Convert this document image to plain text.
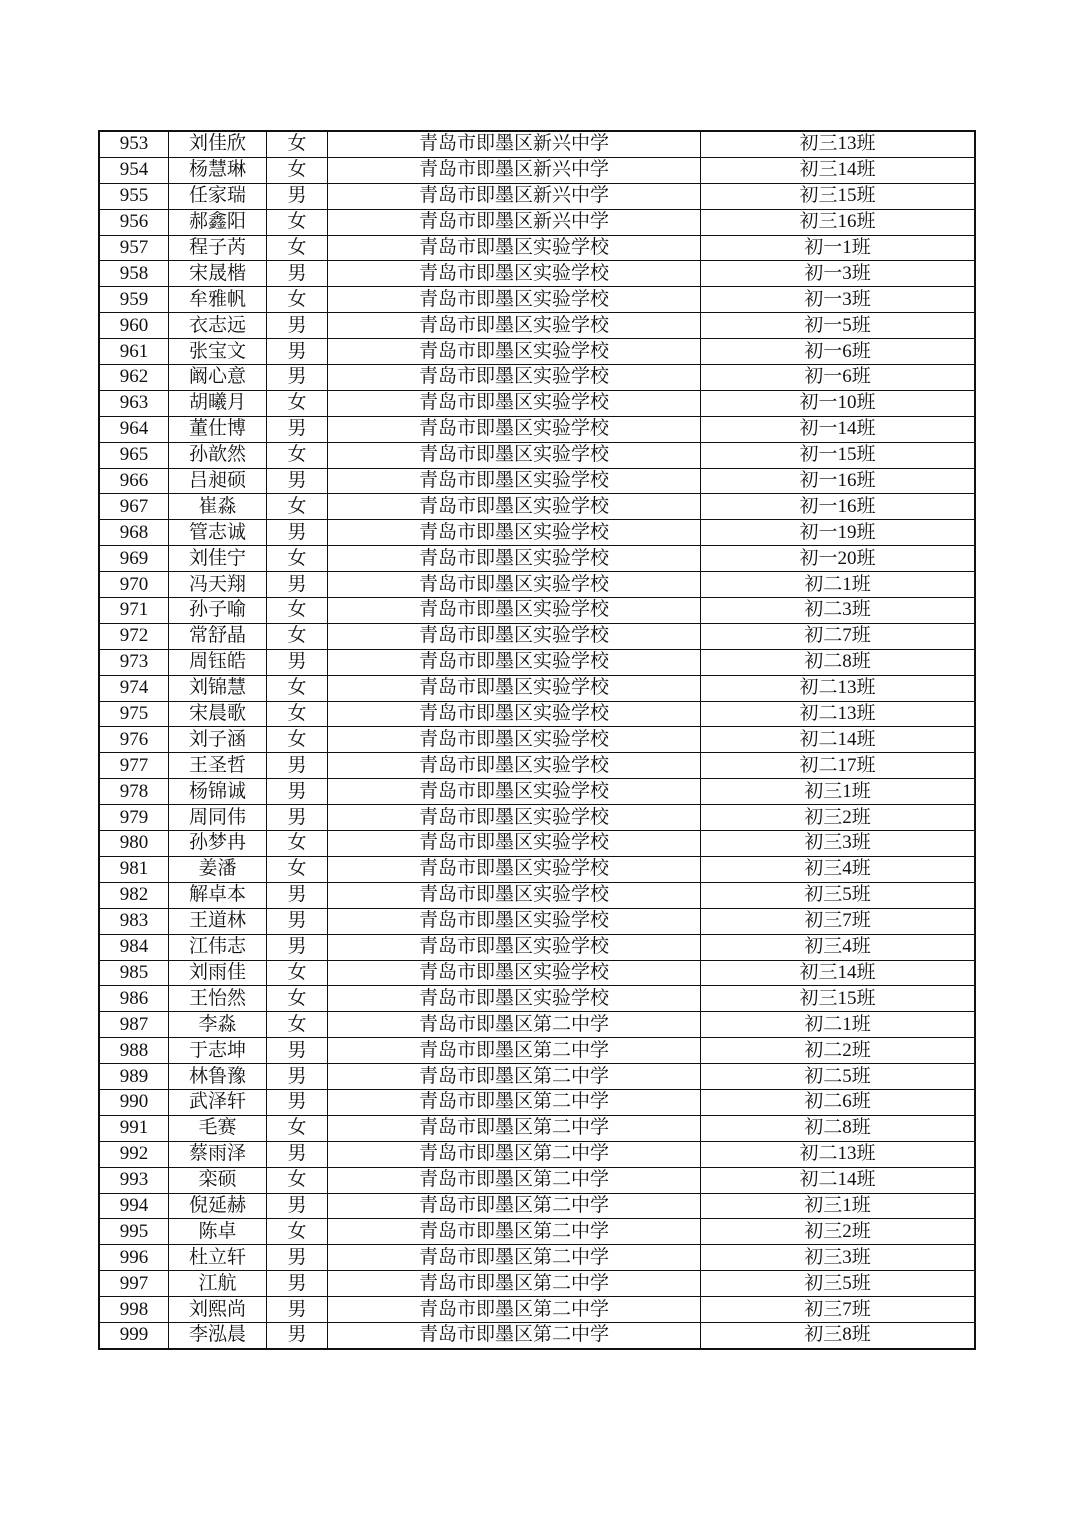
953	刘佳欣	女	青岛市即墨区新兴中学	初三13班
954	杨慧琳	女	青岛市即墨区新兴中学	初三14班
955	任家瑞	男	青岛市即墨区新兴中学	初三15班
956	郝鑫阳	女	青岛市即墨区新兴中学	初三16班
957	程子芮	女	青岛市即墨区实验学校	初一1班
958	宋晟楷	男	青岛市即墨区实验学校	初一3班
959	牟雅帆	女	青岛市即墨区实验学校	初一3班
960	衣志远	男	青岛市即墨区实验学校	初一5班
961	张宝文	男	青岛市即墨区实验学校	初一6班
962	阚心意	男	青岛市即墨区实验学校	初一6班
963	胡曦月	女	青岛市即墨区实验学校	初一10班
964	董仕博	男	青岛市即墨区实验学校	初一14班
965	孙歆然	女	青岛市即墨区实验学校	初一15班
966	吕昶硕	男	青岛市即墨区实验学校	初一16班
967	崔淼	女	青岛市即墨区实验学校	初一16班
968	管志诚	男	青岛市即墨区实验学校	初一19班
969	刘佳宁	女	青岛市即墨区实验学校	初一20班
970	冯天翔	男	青岛市即墨区实验学校	初二1班
971	孙子喻	女	青岛市即墨区实验学校	初二3班
972	常舒晶	女	青岛市即墨区实验学校	初二7班
973	周钰皓	男	青岛市即墨区实验学校	初二8班
974	刘锦慧	女	青岛市即墨区实验学校	初二13班
975	宋晨歌	女	青岛市即墨区实验学校	初二13班
976	刘子涵	女	青岛市即墨区实验学校	初二14班
977	王圣哲	男	青岛市即墨区实验学校	初二17班
978	杨锦诚	男	青岛市即墨区实验学校	初三1班
979	周同伟	男	青岛市即墨区实验学校	初三2班
980	孙梦冉	女	青岛市即墨区实验学校	初三3班
981	姜潘	女	青岛市即墨区实验学校	初三4班
982	解卓本	男	青岛市即墨区实验学校	初三5班
983	王道林	男	青岛市即墨区实验学校	初三7班
984	江伟志	男	青岛市即墨区实验学校	初三4班
985	刘雨佳	女	青岛市即墨区实验学校	初三14班
986	王怡然	女	青岛市即墨区实验学校	初三15班
987	李淼	女	青岛市即墨区第二中学	初二1班
988	于志坤	男	青岛市即墨区第二中学	初二2班
989	林鲁豫	男	青岛市即墨区第二中学	初二5班
990	武泽轩	男	青岛市即墨区第二中学	初二6班
991	毛赛	女	青岛市即墨区第二中学	初二8班
992	蔡雨泽	男	青岛市即墨区第二中学	初二13班
993	栾硕	女	青岛市即墨区第二中学	初二14班
994	倪延赫	男	青岛市即墨区第二中学	初三1班
995	陈卓	女	青岛市即墨区第二中学	初三2班
996	杜立轩	男	青岛市即墨区第二中学	初三3班
997	江航	男	青岛市即墨区第二中学	初三5班
998	刘熙尚	男	青岛市即墨区第二中学	初三7班
999	李泓晨	男	青岛市即墨区第二中学	初三8班
